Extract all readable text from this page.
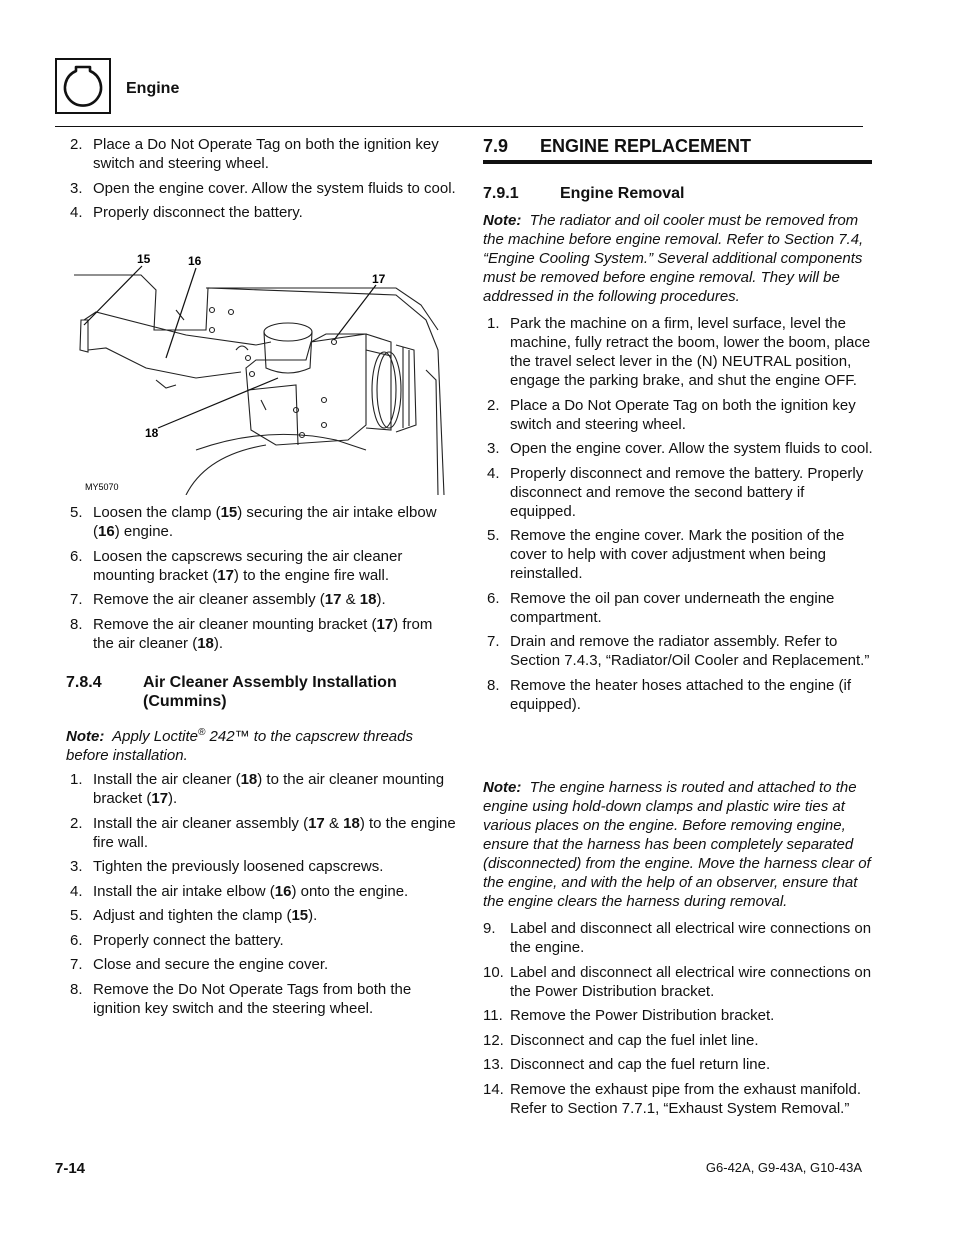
Engine
2. Place a Do Not Operate Tag on both the ignition key switch and steering wheel.
3. Open the engine cover. Allow the system fluids to cool.
4. Properly disconnect the battery.
15	16
17
18
MY5070
5. Loosen the clamp (15) securing the air intake elbow (16) engine.
6. Loosen the capscrews securing the air cleaner mounting bracket (17) to the engine fire wall.
7. Remove the air cleaner assembly (17 & 18).
8. Remove the air cleaner mounting bracket (17) from the air cleaner (18).
7.8.4	Air Cleaner Assembly Installation (Cummins)
Note: Apply Loctite® 242™ to the capscrew threads before installation.
1. Install the air cleaner (18) to the air cleaner mounting bracket (17).
2. Install the air cleaner assembly (17 & 18) to the engine fire wall.
3. Tighten the previously loosened capscrews.
4. Install the air intake elbow (16) onto the engine.
5. Adjust and tighten the clamp (15).
6. Properly connect the battery.
7. Close and secure the engine cover.
8. Remove the Do Not Operate Tags from both the ignition key switch and the steering wheel.
7.9 ENGINE REPLACEMENT
7.9.1	Engine Removal
Note: The radiator and oil cooler must be removed from the machine before engine removal. Refer to Section 7.4, “Engine Cooling System.” Several additional components must be removed before engine removal. They will be addressed in the following procedures.
1. Park the machine on a firm, level surface, level the machine, fully retract the boom, lower the boom, place the travel select lever in the (N) NEUTRAL position, engage the parking brake, and shut the engine OFF.
2. Place a Do Not Operate Tag on both the ignition key switch and steering wheel.
3. Open the engine cover. Allow the system fluids to cool.
4. Properly disconnect and remove the battery. Properly disconnect and remove the second battery if equipped.
5. Remove the engine cover. Mark the position of the cover to help with cover adjustment when being reinstalled.
6. Remove the oil pan cover underneath the engine compartment.
7. Drain and remove the radiator assembly. Refer to Section 7.4.3, “Radiator/Oil Cooler and Replacement.”
8. Remove the heater hoses attached to the engine (if equipped).
Note: The engine harness is routed and attached to the engine using hold-down clamps and plastic wire ties at various places on the engine. Before removing engine, ensure that the harness has been completely separated (disconnected) from the engine. Move the harness clear of the engine, and with the help of an observer, ensure that the engine clears the harness during removal.
9. Label and disconnect all electrical wire connections on the engine.
10. Label and disconnect all electrical wire connections on the Power Distribution bracket.
11. Remove the Power Distribution bracket.
12. Disconnect and cap the fuel inlet line.
13. Disconnect and cap the fuel return line.
14. Remove the exhaust pipe from the exhaust manifold. Refer to Section 7.7.1, “Exhaust System Removal.”
7-14	G6-42A, G9-43A, G10-43A
